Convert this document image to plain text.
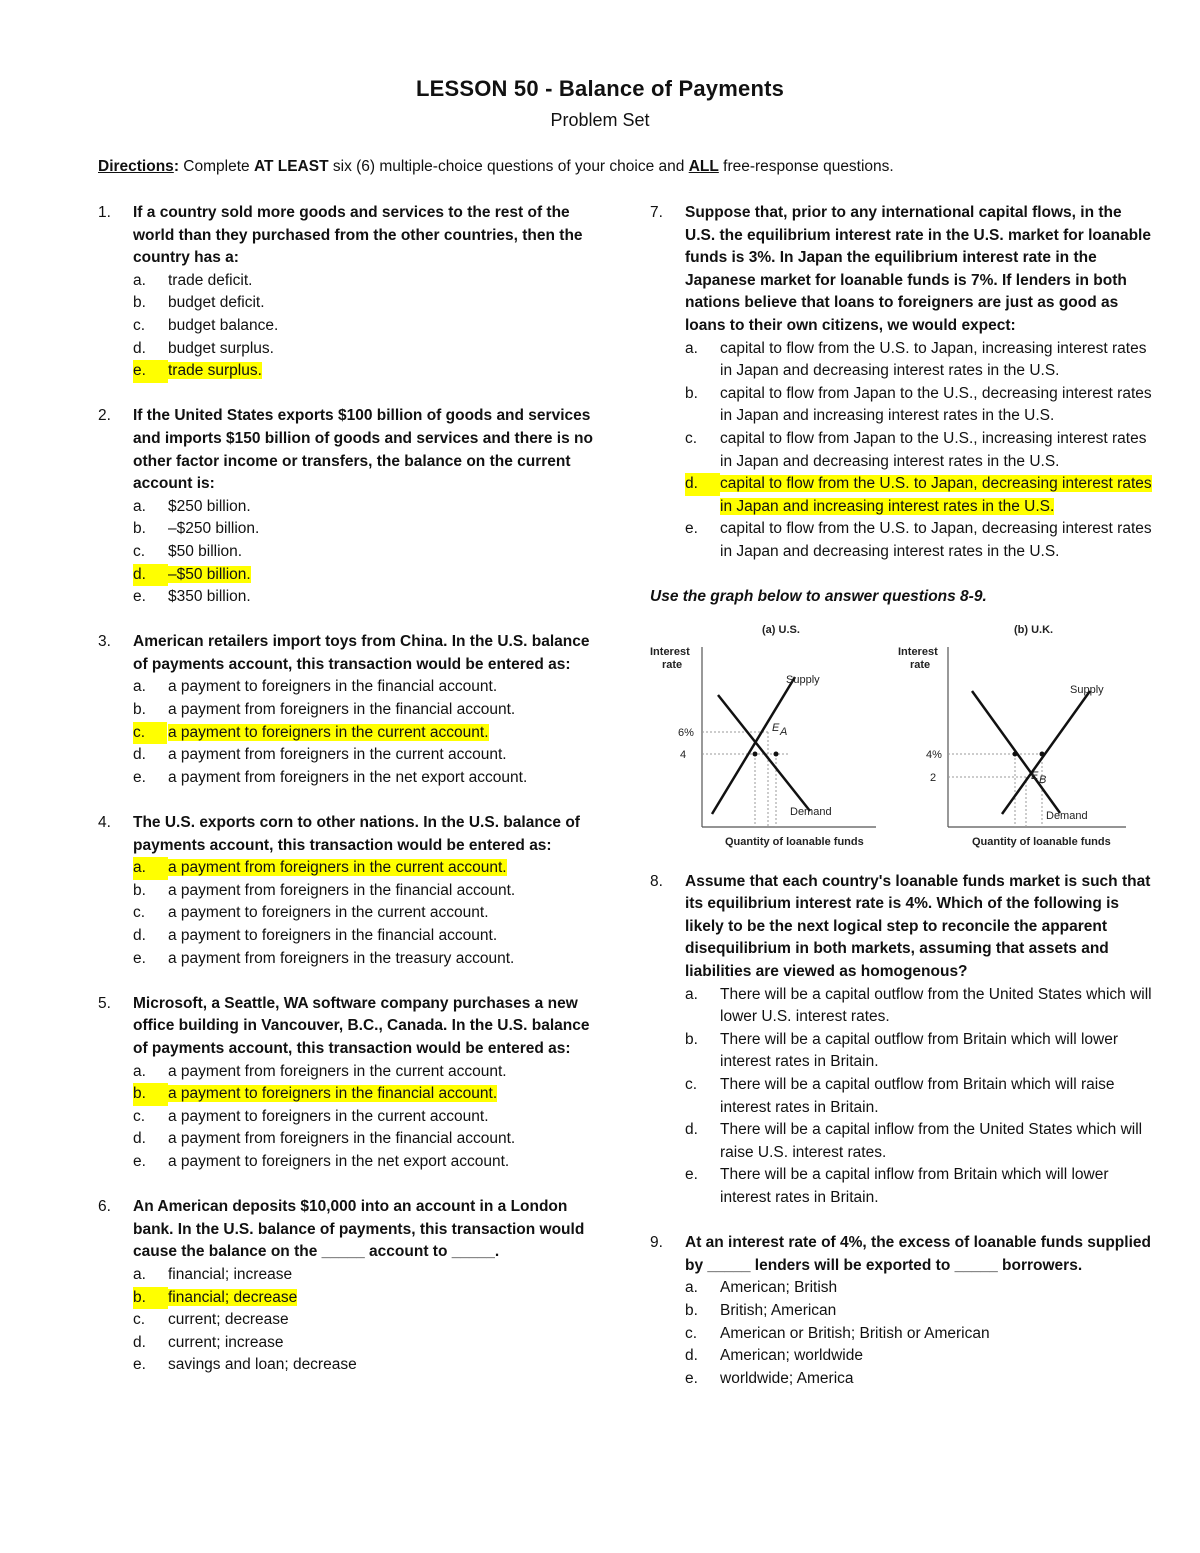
LESSON 50 - Balance of Payments
Problem Set
Directions: Complete AT LEAST six (6) multiple-choice questions of your choice and ALL free-response questions.
1. If a country sold more goods and services to the rest of the world than they purchased from the other countries, then the country has a:
a. trade deficit.
b. budget deficit.
c. budget balance.
d. budget surplus.
e.	trade surplus.
2. If the United States exports $100 billion of goods and services and imports $150 billion of goods and services and there is no other factor income or transfers, the balance on the current account is:
a. $250 billion.
b. –$250 billion.
c. $50 billion.
d.	–$50 billion.
e. $350 billion.
3. American retailers import toys from China. In the U.S. balance of payments account, this transaction would be entered as:
a. a payment to foreigners in the financial account.
b. a payment from foreigners in the financial account.
c.	a payment to foreigners in the current account.
d. a payment from foreigners in the current account.
e. a payment from foreigners in the net export account.
4. The U.S. exports corn to other nations. In the U.S. balance of payments account, this transaction would be entered as:
a.	a payment from foreigners in the current account.
b. a payment from foreigners in the financial account.
c. a payment to foreigners in the current account.
d. a payment to foreigners in the financial account.
e. a payment from foreigners in the treasury account.
5. Microsoft, a Seattle, WA software company purchases a new office building in Vancouver, B.C., Canada. In the U.S. balance of payments account, this transaction would be entered as:
a. a payment from foreigners in the current account.
b.	a payment to foreigners in the financial account.
c. a payment to foreigners in the current account.
d. a payment from foreigners in the financial account.
e. a payment to foreigners in the net export account.
6. An American deposits $10,000 into an account in a London bank. In the U.S. balance of payments, this transaction would cause the balance on the _____ account to _____.
a. financial; increase
b.	financial; decrease
c. current; decrease
d. current; increase
e. savings and loan; decrease
7. Suppose that, prior to any international capital flows, in the U.S. the equilibrium interest rate in the U.S. market for loanable funds is 3%. In Japan the equilibrium interest rate in the Japanese market for loanable funds is 7%. If lenders in both nations believe that loans to foreigners are just as good as loans to their own citizens, we would expect:
a. capital to flow from the U.S. to Japan, increasing interest rates in Japan and decreasing interest rates in the U.S.
b. capital to flow from Japan to the U.S., decreasing interest rates in Japan and increasing interest rates in the U.S.
c. capital to flow from Japan to the U.S., increasing interest rates in Japan and decreasing interest rates in the U.S.
d.	capital to flow from the U.S. to Japan, decreasing interest rates in Japan and increasing interest rates in the U.S.
e. capital to flow from the U.S. to Japan, decreasing interest rates in Japan and decreasing interest rates in the U.S.
Use the graph below to answer questions 8-9.
(a) U.S.
Interest
rate
Supply
Demand
E A
6%
4
Quantity of loanable funds
(b) U.K.
Interest
rate
Supply
Demand
E B
4%
2
Quantity of loanable funds
8. Assume that each country's loanable funds market is such that its equilibrium interest rate is 4%. Which of the following is likely to be the next logical step to reconcile the apparent disequilibrium in both markets, assuming that assets and liabilities are viewed as homogenous?
a. There will be a capital outflow from the United States which will lower U.S. interest rates.
b. There will be a capital outflow from Britain which will lower interest rates in Britain.
c. There will be a capital outflow from Britain which will raise interest rates in Britain.
d. There will be a capital inflow from the United States which will raise U.S. interest rates.
e. There will be a capital inflow from Britain which will lower interest rates in Britain.
9. At an interest rate of 4%, the excess of loanable funds supplied by _____ lenders will be exported to _____ borrowers.
a. American; British
b. British; American
c. American or British; British or American
d. American; worldwide
e. worldwide; America
